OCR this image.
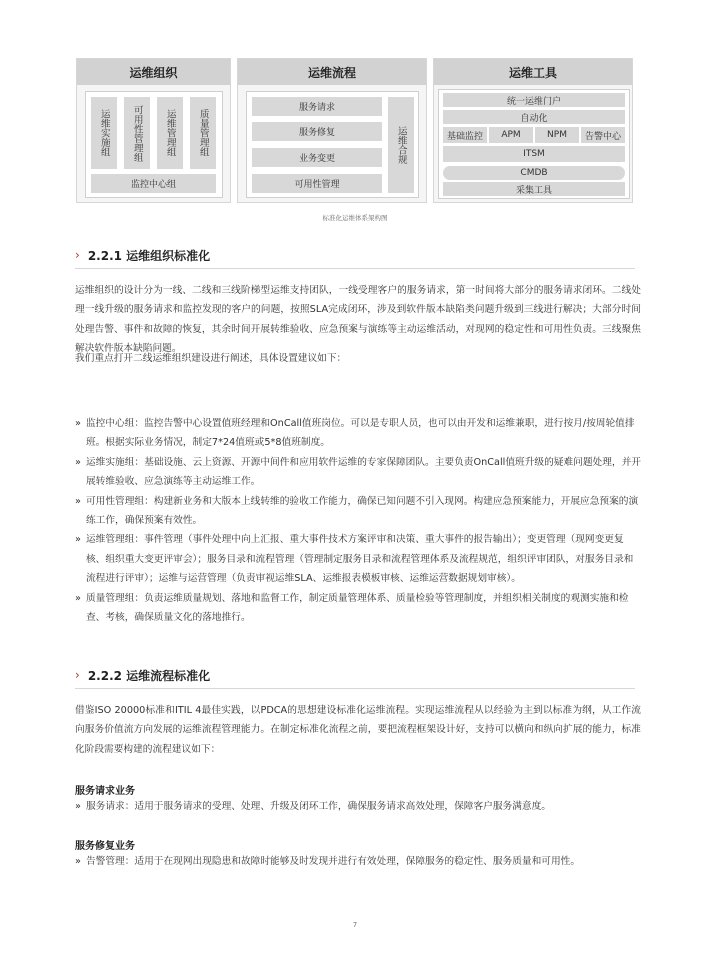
运维组织
运维实施组	可用性管理组	运维管理组	质量管理组
监控中心组
运维流程
服务请求
服务修复
业务变更
可用性管理
运维合规
运维工具
统一运维门户
自动化
基础监控	APM	NPM	告警中心
ITSM
CMDB
采集工具
标准化运维体系架构图
› 2.2.1 运维组织标准化
运维组织的设计分为一线、二线和三线阶梯型运维支持团队，一线受理客户的服务请求，第一时间将大部分的服务请求闭环。二线处理一线升级的服务请求和监控发现的客户的问题，按照SLA完成闭环，涉及到软件版本缺陷类问题升级到三线进行解决；大部分时间处理告警、事件和故障的恢复，其余时间开展转维验收、应急预案与演练等主动运维活动，对现网的稳定性和可用性负责。三线聚焦解决软件版本缺陷问题。
我们重点打开二线运维组织建设进行阐述，具体设置建议如下：
» 监控中心组：监控告警中心设置值班经理和OnCall值班岗位。可以是专职人员，也可以由开发和运维兼职，进行按月/按周轮值排班。根据实际业务情况，制定7*24值班或5*8值班制度。
» 运维实施组：基础设施、云上资源、开源中间件和应用软件运维的专家保障团队。主要负责OnCall值班升级的疑难问题处理，并开展转维验收、应急演练等主动运维工作。
» 可用性管理组：构建新业务和大版本上线转维的验收工作能力，确保已知问题不引入现网。构建应急预案能力，开展应急预案的演练工作，确保预案有效性。
» 运维管理组：事件管理（事件处理中向上汇报、重大事件技术方案评审和决策、重大事件的报告输出）；变更管理（现网变更复核、组织重大变更评审会）；服务目录和流程管理（管理制定服务目录和流程管理体系及流程规范，组织评审团队，对服务目录和流程进行评审）；运维与运营管理（负责审视运维SLA、运维报表模板审核、运维运营数据规划审核）。
» 质量管理组：负责运维质量规划、落地和监督工作，制定质量管理体系、质量检验等管理制度，并组织相关制度的观测实施和检查、考核，确保质量文化的落地推行。
› 2.2.2 运维流程标准化
借鉴ISO 20000标准和ITIL 4最佳实践，以PDCA的思想建设标准化运维流程。实现运维流程从以经验为主到以标准为纲，从工作流向服务价值流方向发展的运维流程管理能力。在制定标准化流程之前，要把流程框架设计好，支持可以横向和纵向扩展的能力，标准化阶段需要构建的流程建议如下：
服务请求业务
» 服务请求：适用于服务请求的受理、处理、升级及闭环工作，确保服务请求高效处理，保障客户服务满意度。
服务修复业务
» 告警管理：适用于在现网出现隐患和故障时能够及时发现并进行有效处理，保障服务的稳定性、服务质量和可用性。
7
